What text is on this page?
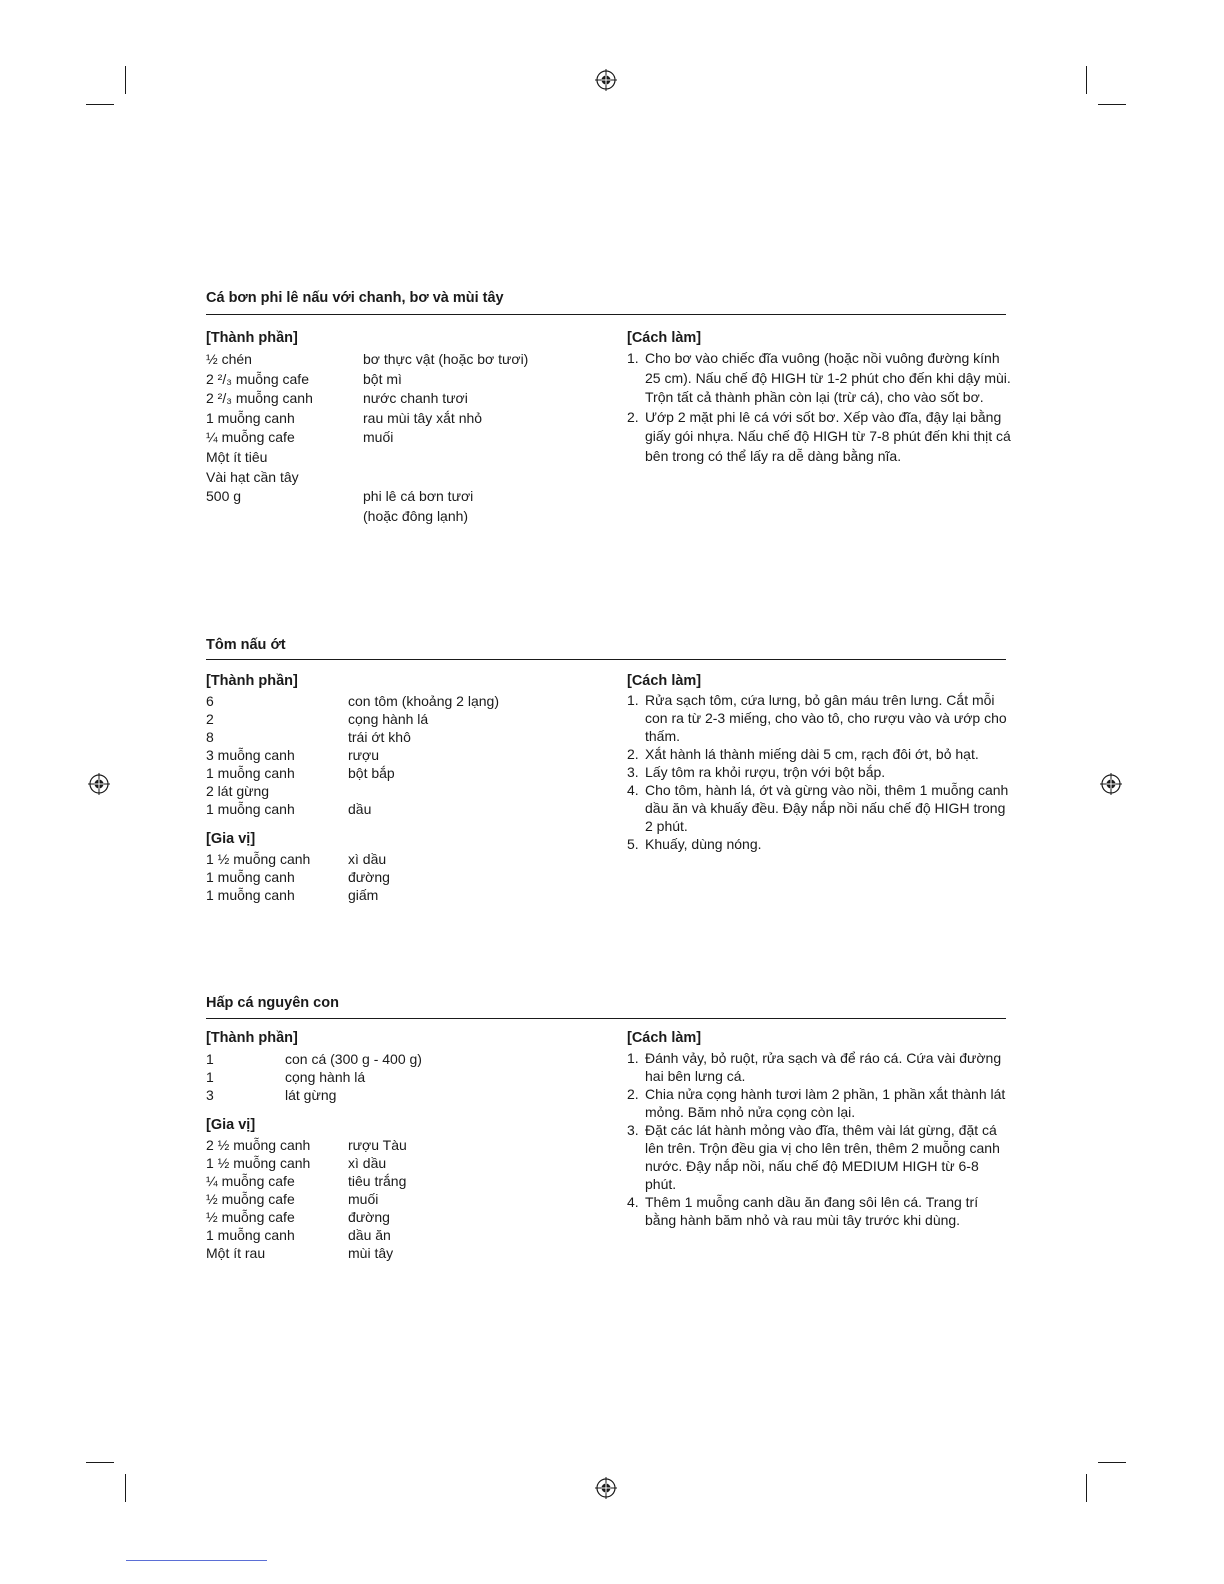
Cá bơn phi lê nấu với chanh, bơ và mùi tây
[Thành phần]
½ chén	bơ thực vật (hoặc bơ tươi)
2 ²/₃ muỗng cafe	bột mì
2 ²/₃ muỗng canh	nước chanh tươi
1 muỗng canh	rau mùi tây xắt nhỏ
¼ muỗng cafe	muối
Một ít tiêu
Vài hạt cần tây
500 g	phi lê cá bơn tươi
(hoặc đông lạnh)
[Cách làm]
1. Cho bơ vào chiếc đĩa vuông (hoặc nồi vuông đường kính 25 cm). Nấu chế độ HIGH từ 1-2 phút cho đến khi dậy mùi. Trộn tất cả thành phần còn lại (trừ cá), cho vào sốt bơ.
2. Ướp 2 mặt phi lê cá với sốt bơ. Xếp vào đĩa, đậy lại bằng giấy gói nhựa. Nấu chế độ HIGH từ 7-8 phút đến khi thịt cá bên trong có thể lấy ra dễ dàng bằng nĩa.
Tôm nấu ớt
[Thành phần]
6	con tôm (khoảng 2 lạng)
2	cọng hành lá
8	trái ớt khô
3 muỗng canh	rượu
1 muỗng canh	bột bắp
2 lát gừng
1 muỗng canh	dầu
[Gia vị]
1 ½ muỗng canh	xì dầu
1 muỗng canh	đường
1 muỗng canh	giấm
[Cách làm]
1. Rửa sạch tôm, cứa lưng, bỏ gân máu trên lưng. Cắt mỗi con ra từ 2-3 miếng, cho vào tô, cho rượu vào và ướp cho thấm.
2. Xắt hành lá thành miếng dài 5 cm, rạch đôi ớt, bỏ hạt.
3. Lấy tôm ra khỏi rượu, trộn với bột bắp.
4. Cho tôm, hành lá, ớt và gừng vào nồi, thêm 1 muỗng canh dầu ăn và khuấy đều. Đậy nắp nồi nấu chế độ HIGH trong 2 phút.
5. Khuấy, dùng nóng.
Hấp cá nguyên con
[Thành phần]
1	con cá (300 g - 400 g)
1	cọng hành lá
3	lát gừng
[Gia vị]
2 ½ muỗng canh	rượu Tàu
1 ½ muỗng canh	xì dầu
¼ muỗng cafe	tiêu trắng
½ muỗng cafe	muối
½ muỗng cafe	đường
1 muỗng canh	dầu ăn
Một ít rau	mùi tây
[Cách làm]
1. Đánh vảy, bỏ ruột, rửa sạch và để ráo cá. Cứa vài đường hai bên lưng cá.
2. Chia nửa cọng hành tươi làm 2 phần, 1 phần xắt thành lát mỏng. Băm nhỏ nửa cọng còn lại.
3. Đặt các lát hành mỏng vào đĩa, thêm vài lát gừng, đặt cá lên trên. Trộn đều gia vị cho lên trên, thêm 2 muỗng canh nước. Đậy nắp nồi, nấu chế độ MEDIUM HIGH từ 6-8 phút.
4. Thêm 1 muỗng canh dầu ăn đang sôi lên cá. Trang trí bằng hành băm nhỏ và rau mùi tây trước khi dùng.
